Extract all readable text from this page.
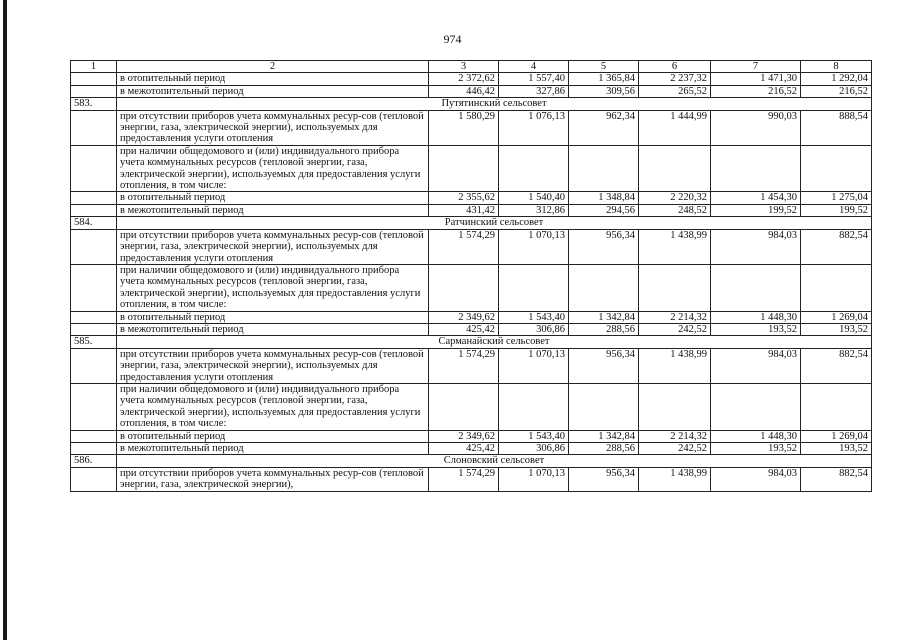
974
1	2	3	4	5	6	7	8
	в отопительный период	2 372,62	1 557,40	1 365,84	2 237,32	1 471,30	1 292,04
	в межотопительный период	446,42	327,86	309,56	265,52	216,52	216,52
583.	Путятинский сельсовет						
	при отсутствии приборов учета коммунальных ресур-сов (тепловой энергии, газа, электрической энергии), используемых для предоставления услуги отопления	1 580,29	1 076,13	962,34	1 444,99	990,03	888,54
	при наличии общедомового и (или) индивидуального прибора учета коммунальных ресурсов (тепловой энергии, газа, электрической энергии), используемых для предоставления услуги отопления, в том числе:						
	в отопительный период	2 355,62	1 540,40	1 348,84	2 220,32	1 454,30	1 275,04
	в межотопительный период	431,42	312,86	294,56	248,52	199,52	199,52
584.	Ратчинский сельсовет						
	при отсутствии приборов учета коммунальных ресур-сов (тепловой энергии, газа, электрической энергии), используемых для предоставления услуги отопления	1 574,29	1 070,13	956,34	1 438,99	984,03	882,54
	при наличии общедомового и (или) индивидуального прибора учета коммунальных ресурсов (тепловой энергии, газа, электрической энергии), используемых для предоставления услуги отопления, в том числе:						
	в отопительный период	2 349,62	1 543,40	1 342,84	2 214,32	1 448,30	1 269,04
	в межотопительный период	425,42	306,86	288,56	242,52	193,52	193,52
585.	Сарманайский сельсовет						
	при отсутствии приборов учета коммунальных ресур-сов (тепловой энергии, газа, электрической энергии), используемых для предоставления услуги отопления	1 574,29	1 070,13	956,34	1 438,99	984,03	882,54
	при наличии общедомового и (или) индивидуального прибора учета коммунальных ресурсов (тепловой энергии, газа, электрической энергии), используемых для предоставления услуги отопления, в том числе:						
	в отопительный период	2 349,62	1 543,40	1 342,84	2 214,32	1 448,30	1 269,04
	в межотопительный период	425,42	306,86	288,56	242,52	193,52	193,52
586.	Слоновский сельсовет						
	при отсутствии приборов учета коммунальных ресур-сов (тепловой энергии, газа, электрической энергии),	1 574,29	1 070,13	956,34	1 438,99	984,03	882,54
